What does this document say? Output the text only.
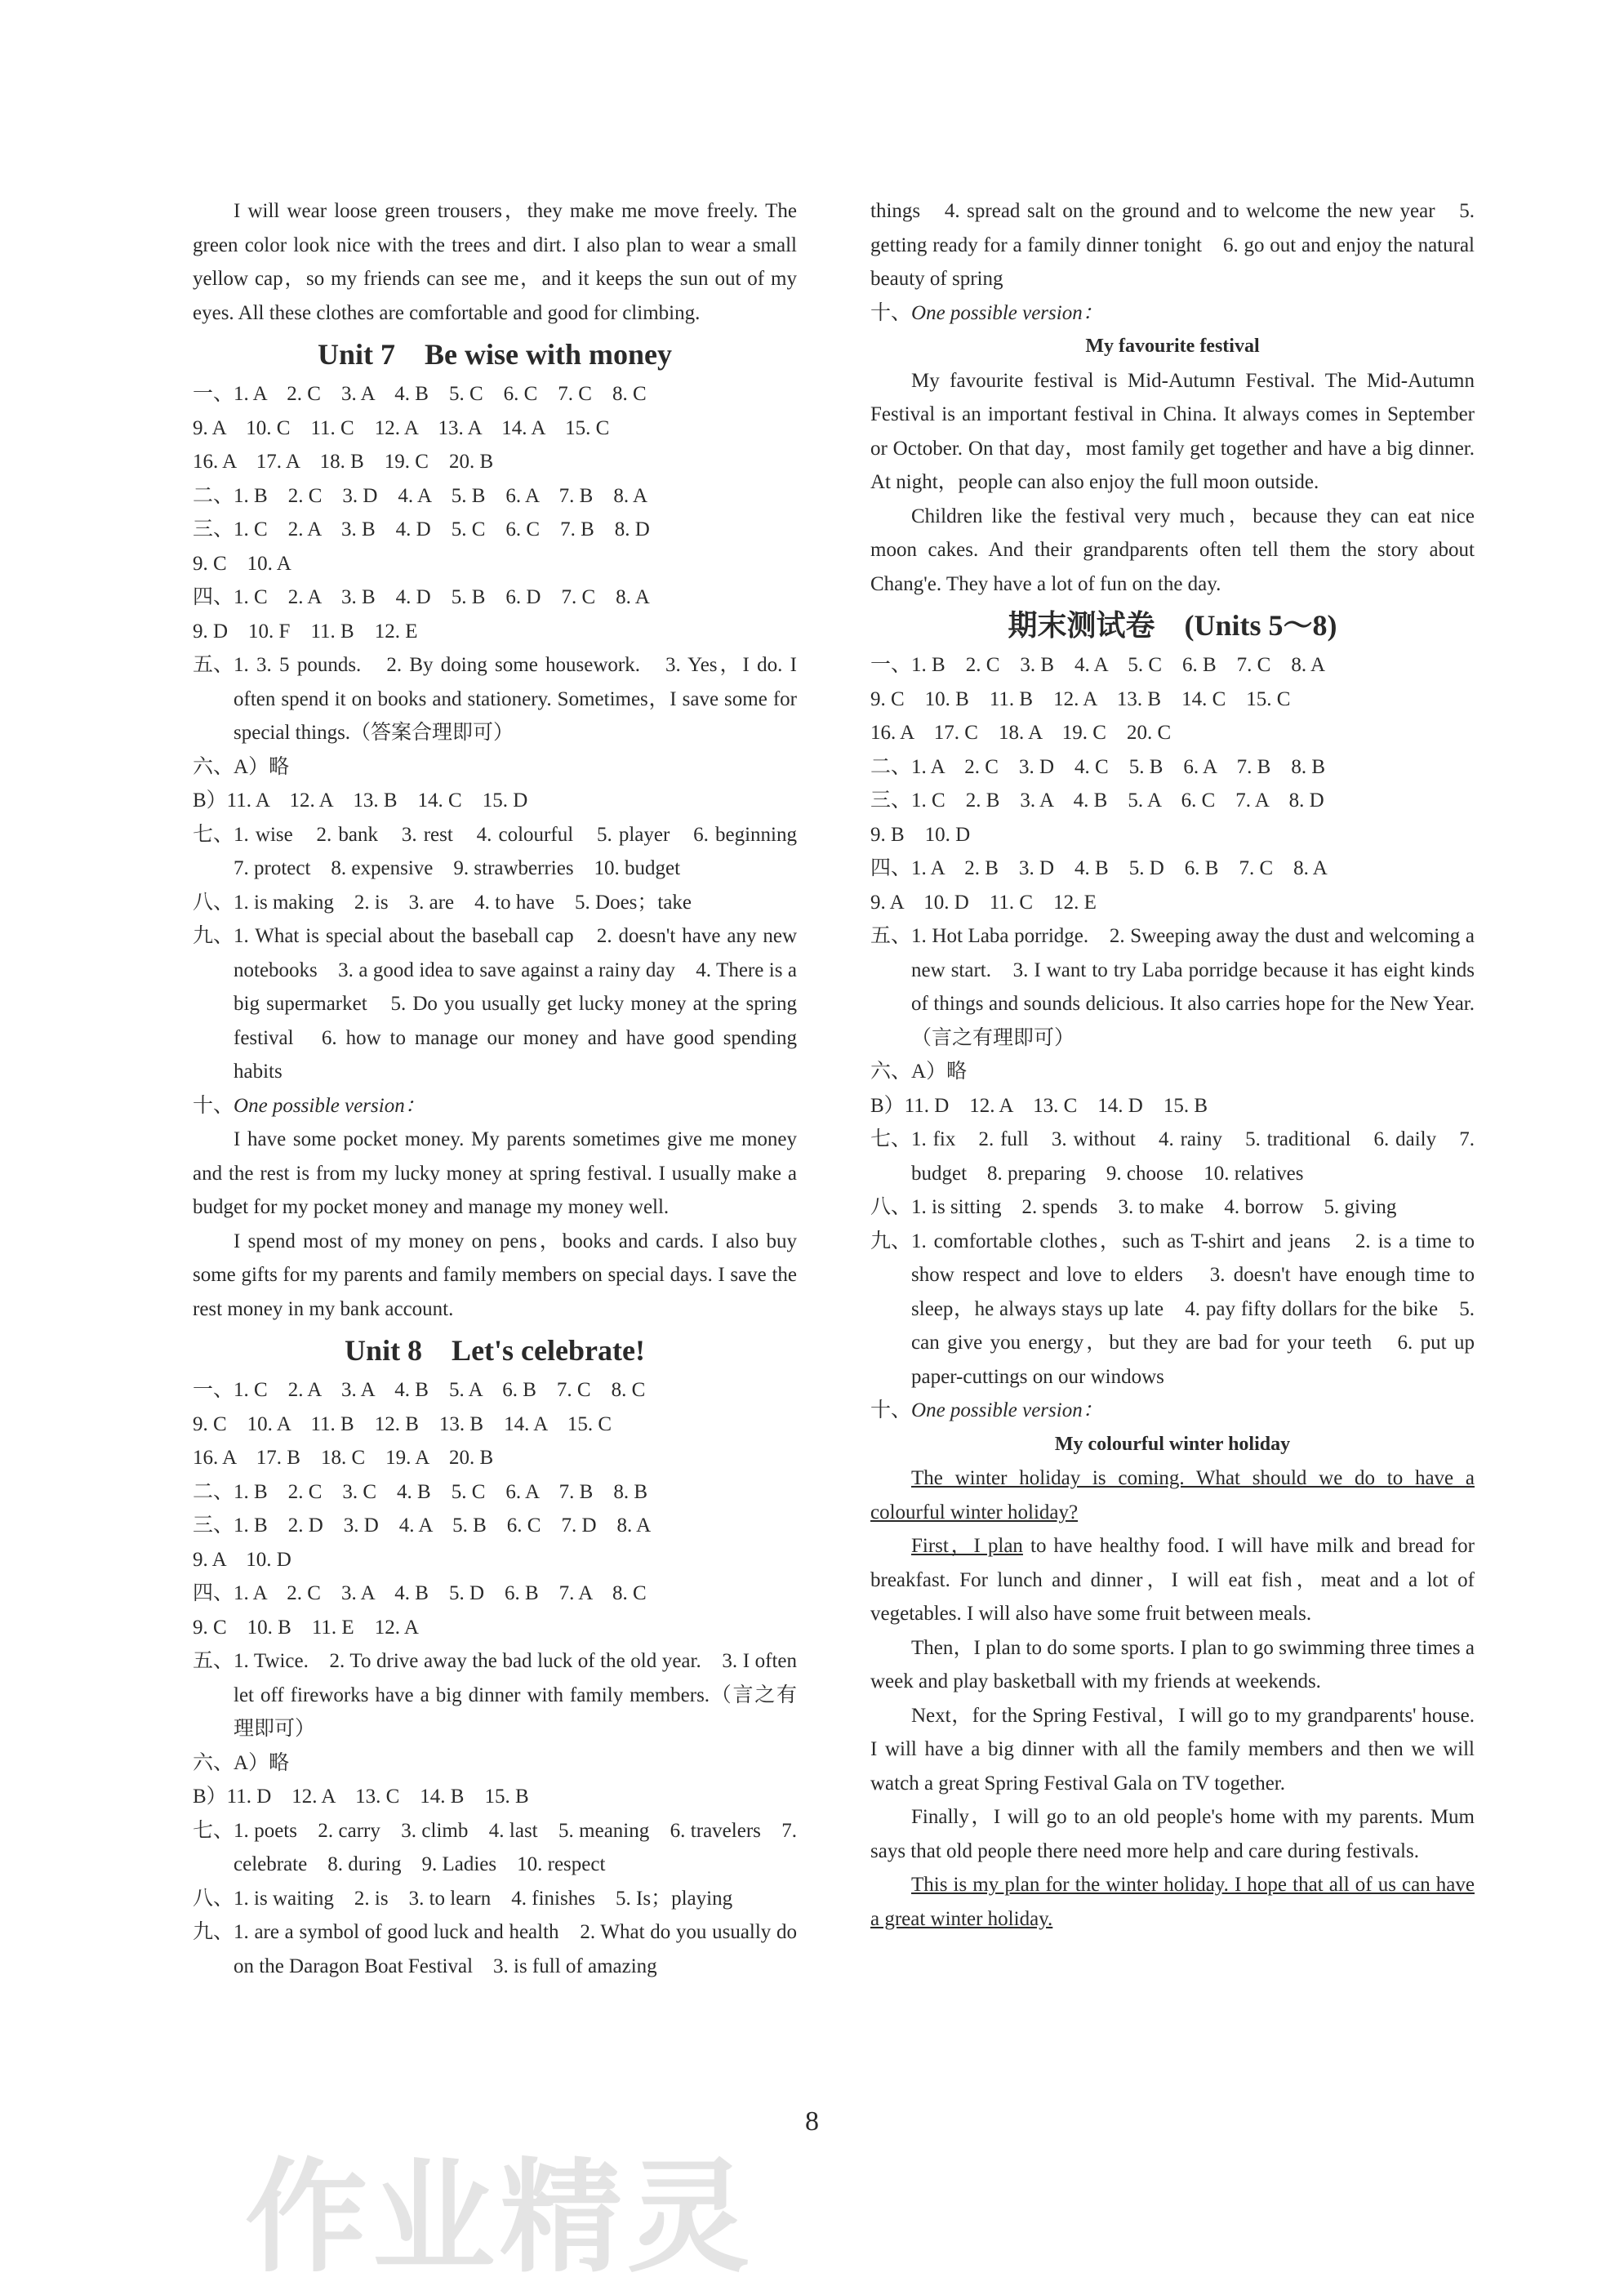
I will wear loose green trousers，they make me move freely. The green color look nice with the trees and dirt. I also plan to wear a small yellow cap，so my friends can see me，and it keeps the sun out of my eyes. All these clothes are comfortable and good for climbing.

Unit 7　Be wise with money
一、 1. A　2. C　3. A　4. B　5. C　6. C　7. C　8. C
9. A　10. C　11. C　12. A　13. A　14. A　15. C
16. A　17. A　18. B　19. C　20. B
二、 1. B　2. C　3. D　4. A　5. B　6. A　7. B　8. A
三、 1. C　2. A　3. B　4. D　5. C　6. C　7. B　8. D
9. C　10. A
四、 1. C　2. A　3. B　4. D　5. B　6. D　7. C　8. A
9. D　10. F　11. B　12. E
五、 1. 3. 5 pounds.　2. By doing some housework.　3. Yes，I do. I often spend it on books and stationery. Sometimes，I save some for special things.（答案合理即可）
六、 A）略
B）11. A　12. A　13. B　14. C　15. D
七、 1. wise　2. bank　3. rest　4. colourful　5. player　6. beginning　7. protect　8. expensive　9. strawberries　10. budget
八、 1. is making　2. is　3. are　4. to have　5. Does；take
九、 1. What is special about the baseball cap　2. doesn't have any new notebooks　3. a good idea to save against a rainy day　4. There is a big supermarket　5. Do you usually get lucky money at the spring festival　6. how to manage our money and have good spending habits
十、 One possible version：

I have some pocket money. My parents sometimes give me money and the rest is from my lucky money at spring festival. I usually make a budget for my pocket money and manage my money well.

I spend most of my money on pens，books and cards. I also buy some gifts for my parents and family members on special days. I save the rest money in my bank account.

Unit 8　Let's celebrate!
一、 1. C　2. A　3. A　4. B　5. A　6. B　7. C　8. C
9. C　10. A　11. B　12. B　13. B　14. A　15. C
16. A　17. B　18. C　19. A　20. B
二、 1. B　2. C　3. C　4. B　5. C　6. A　7. B　8. B
三、 1. B　2. D　3. D　4. A　5. B　6. C　7. D　8. A
9. A　10. D
四、 1. A　2. C　3. A　4. B　5. D　6. B　7. A　8. C
9. C　10. B　11. E　12. A
五、 1. Twice.　2. To drive away the bad luck of the old year.　3. I often let off fireworks have a big dinner with family members.（言之有理即可）
六、 A）略
B）11. D　12. A　13. C　14. B　15. B
七、 1. poets　2. carry　3. climb　4. last　5. meaning　6. travelers　7. celebrate　8. during　9. Ladies　10. respect
八、 1. is waiting　2. is　3. to learn　4. finishes　5. Is；playing
九、 1. are a symbol of good luck and health　2. What do you usually do on the Daragon Boat Festival　3. is full of amazing

things　4. spread salt on the ground and to welcome the new year　5. getting ready for a family dinner tonight　6. go out and enjoy the natural beauty of spring

十、 One possible version：
My favourite festival

My favourite festival is Mid-Autumn Festival. The Mid-Autumn Festival is an important festival in China. It always comes in September or October. On that day，most family get together and have a big dinner. At night，people can also enjoy the full moon outside.

Children like the festival very much，because they can eat nice moon cakes. And their grandparents often tell them the story about Chang'e. They have a lot of fun on the day.

期末测试卷　(Units 5～8)
一、 1. B　2. C　3. B　4. A　5. C　6. B　7. C　8. A
9. C　10. B　11. B　12. A　13. B　14. C　15. C
16. A　17. C　18. A　19. C　20. C
二、 1. A　2. C　3. D　4. C　5. B　6. A　7. B　8. B
三、 1. C　2. B　3. A　4. B　5. A　6. C　7. A　8. D
9. B　10. D
四、 1. A　2. B　3. D　4. B　5. D　6. B　7. C　8. A
9. A　10. D　11. C　12. E
五、 1. Hot Laba porridge.　2. Sweeping away the dust and welcoming a new start.　3. I want to try Laba porridge because it has eight kinds of things and sounds delicious. It also carries hope for the New Year.（言之有理即可）
六、 A）略
B）11. D　12. A　13. C　14. D　15. B
七、 1. fix　2. full　3. without　4. rainy　5. traditional　6. daily　7. budget　8. preparing　9. choose　10. relatives
八、 1. is sitting　2. spends　3. to make　4. borrow　5. giving
九、 1. comfortable clothes，such as T-shirt and jeans　2. is a time to show respect and love to elders　3. doesn't have enough time to sleep，he always stays up late　4. pay fifty dollars for the bike　5. can give you energy，but they are bad for your teeth　6. put up paper-cuttings on our windows
十、 One possible version：
My colourful winter holiday

The winter holiday is coming. What should we do to have a colourful winter holiday?

First，I plan to have healthy food. I will have milk and bread for breakfast. For lunch and dinner，I will eat fish，meat and a lot of vegetables. I will also have some fruit between meals.

Then，I plan to do some sports. I plan to go swimming three times a week and play basketball with my friends at weekends.

Next，for the Spring Festival，I will go to my grandparents' house. I will have a big dinner with all the family members and then we will watch a great Spring Festival Gala on TV together.

Finally，I will go to an old people's home with my parents. Mum says that old people there need more help and care during festivals.

This is my plan for the winter holiday. I hope that all of us can have a great winter holiday.

8
作业精灵
